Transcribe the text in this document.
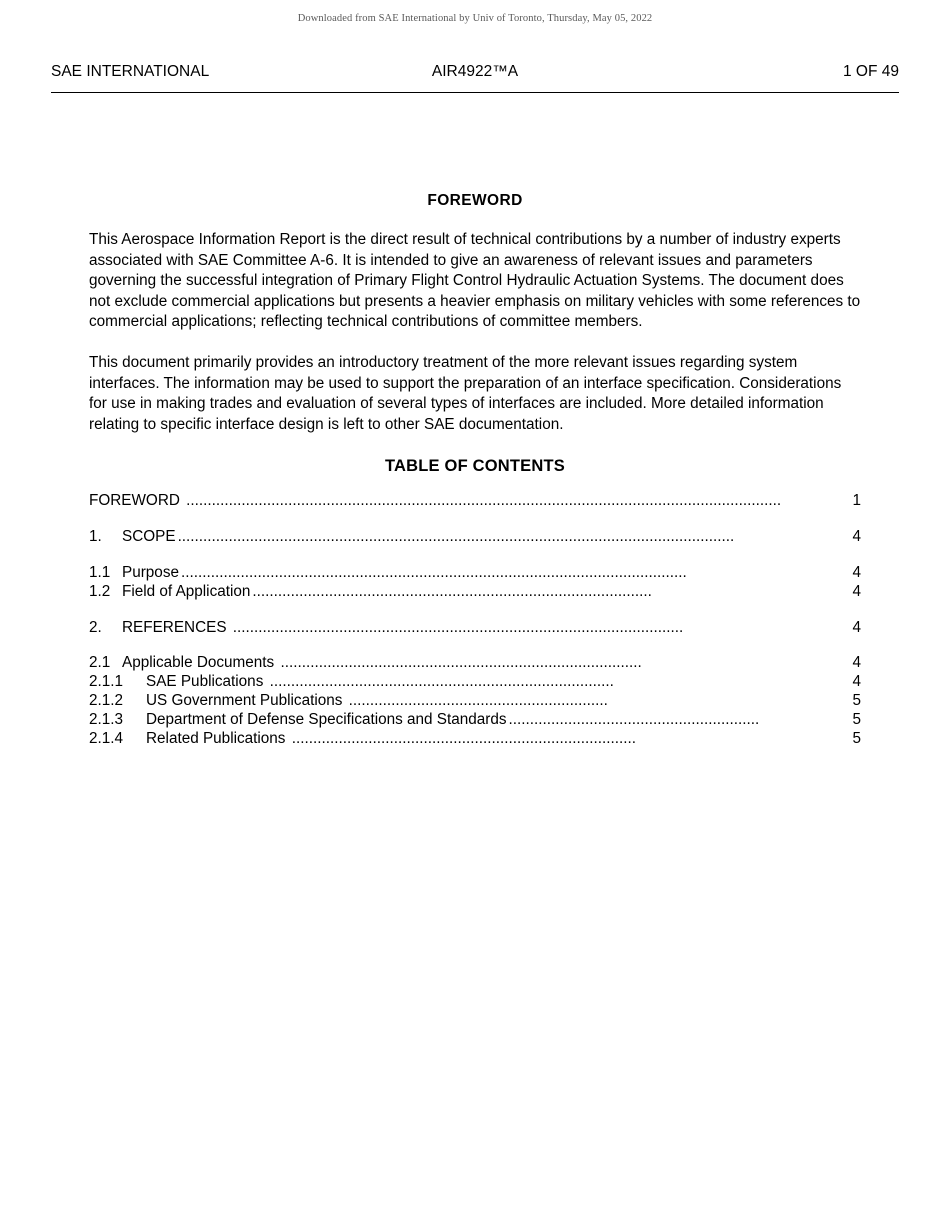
Downloaded from SAE International by Univ of Toronto, Thursday, May 05, 2022
SAE INTERNATIONAL	AIR4922™A	1 OF 49
FOREWORD

This Aerospace Information Report is the direct result of technical contributions by a number of industry experts associated with SAE Committee A-6. It is intended to give an awareness of relevant issues and parameters governing the successful integration of Primary Flight Control Hydraulic Actuation Systems. The document does not exclude commercial applications but presents a heavier emphasis on military vehicles with some references to commercial applications; reflecting technical contributions of committee members.

This document primarily provides an introductory treatment of the more relevant issues regarding system interfaces. The information may be used to support the preparation of an interface specification. Considerations for use in making trades and evaluation of several types of interfaces are included. More detailed information relating to specific interface design is left to other SAE documentation.

TABLE OF CONTENTS
FOREWORD ............................................................................................................................................	1
1.	SCOPE ...................................................................................................................................	4
1.1 Purpose .......................................................................................................................	4
1.2 Field of Application ..............................................................................................	4
2.	REFERENCES ..........................................................................................................	4
2.1 Applicable Documents .....................................................................................	4
2.1.1	SAE Publications .................................................................................	4
2.1.2	US Government Publications .............................................................	5
2.1.3	Department of Defense Specifications and Standards ...........................................................	5
2.1.4	Related Publications .................................................................................	5
